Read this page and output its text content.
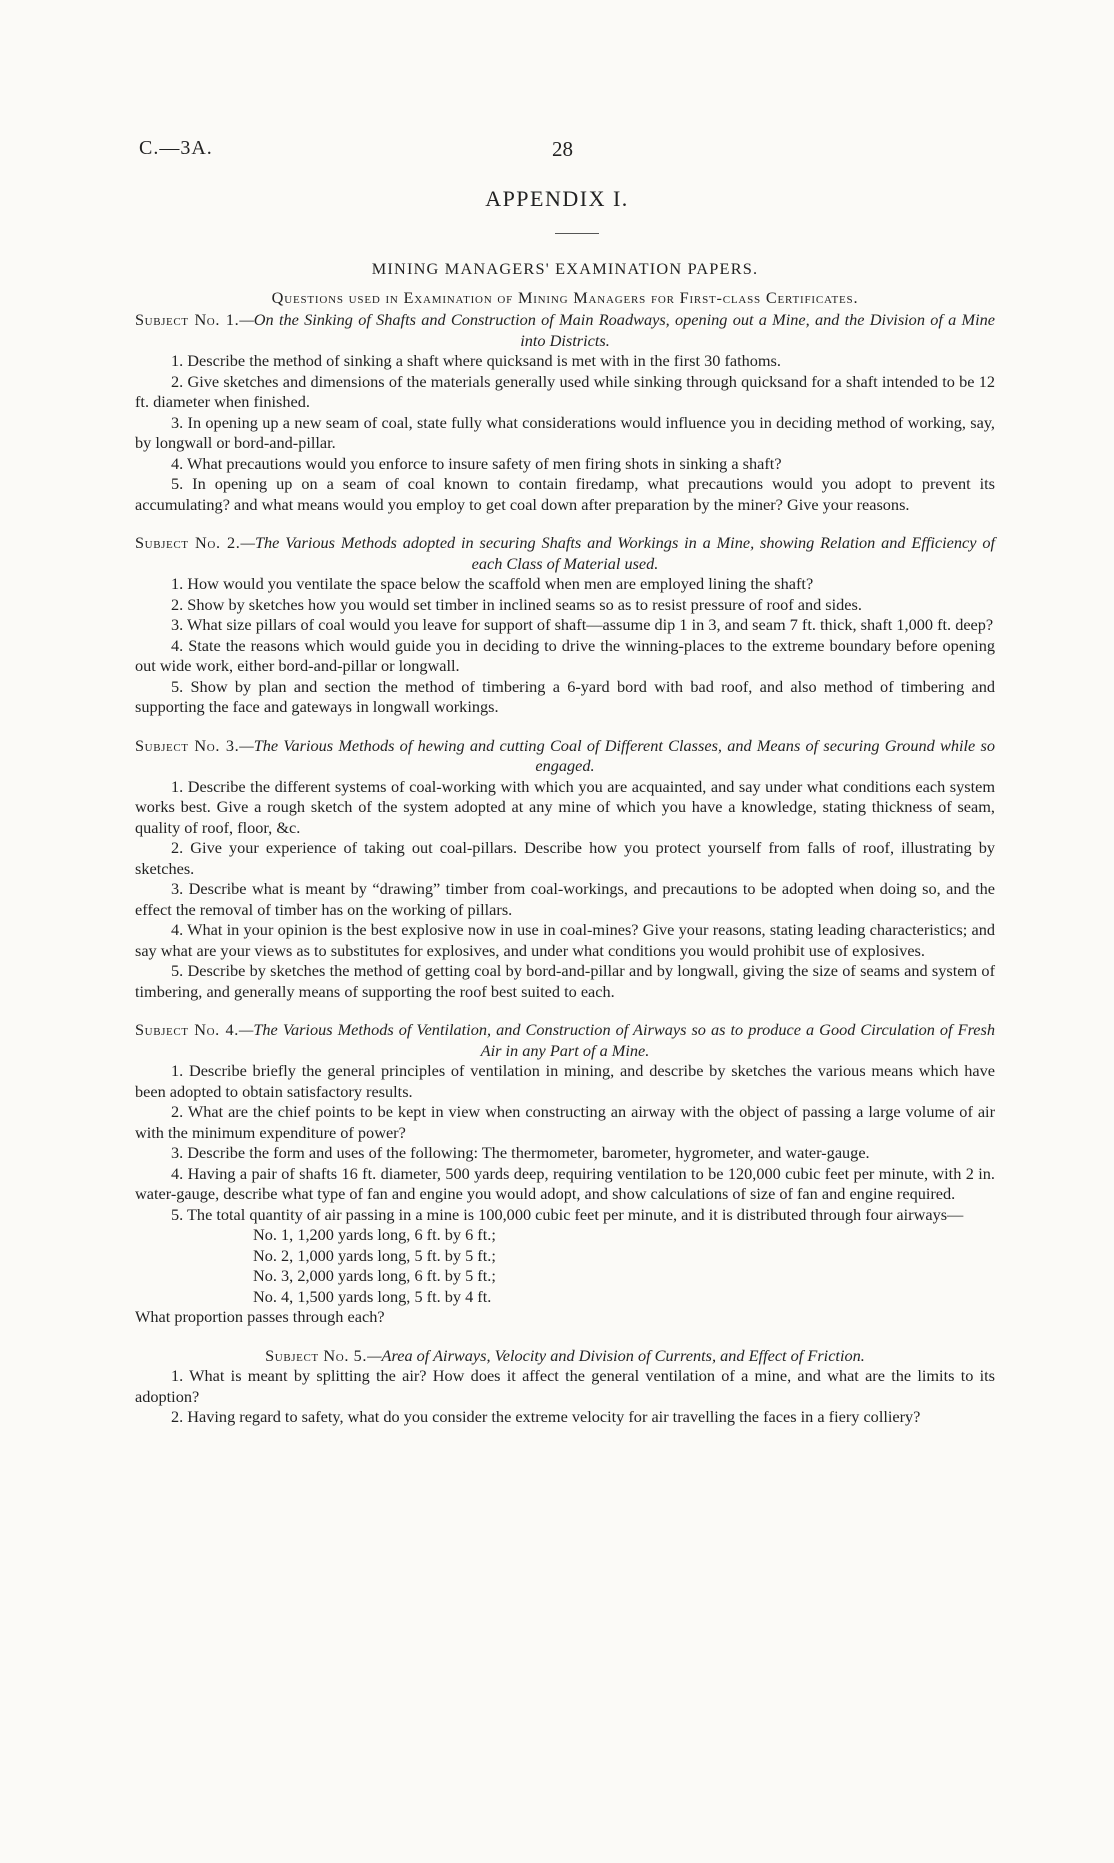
C.—3A.	28
APPENDIX I.
MINING MANAGERS' EXAMINATION PAPERS.
Questions used in Examination of Mining Managers for First-class Certificates.
Subject No. 1.—On the Sinking of Shafts and Construction of Main Roadways, opening out a Mine, and the Division of a Mine into Districts.

1. Describe the method of sinking a shaft where quicksand is met with in the first 30 fathoms.

2. Give sketches and dimensions of the materials generally used while sinking through quicksand for a shaft intended to be 12 ft. diameter when finished.

3. In opening up a new seam of coal, state fully what considerations would influence you in deciding method of working, say, by longwall or bord-and-pillar.

4. What precautions would you enforce to insure safety of men firing shots in sinking a shaft?

5. In opening up on a seam of coal known to contain firedamp, what precautions would you adopt to prevent its accumulating? and what means would you employ to get coal down after preparation by the miner? Give your reasons.

Subject No. 2.—The Various Methods adopted in securing Shafts and Workings in a Mine, showing Relation and Efficiency of each Class of Material used.

1. How would you ventilate the space below the scaffold when men are employed lining the shaft?

2. Show by sketches how you would set timber in inclined seams so as to resist pressure of roof and sides.

3. What size pillars of coal would you leave for support of shaft—assume dip 1 in 3, and seam 7 ft. thick, shaft 1,000 ft. deep?

4. State the reasons which would guide you in deciding to drive the winning-places to the extreme boundary before opening out wide work, either bord-and-pillar or longwall.

5. Show by plan and section the method of timbering a 6-yard bord with bad roof, and also method of timbering and supporting the face and gateways in longwall workings.

Subject No. 3.—The Various Methods of hewing and cutting Coal of Different Classes, and Means of securing Ground while so engaged.

1. Describe the different systems of coal-working with which you are acquainted, and say under what conditions each system works best. Give a rough sketch of the system adopted at any mine of which you have a knowledge, stating thickness of seam, quality of roof, floor, &c.

2. Give your experience of taking out coal-pillars. Describe how you protect yourself from falls of roof, illustrating by sketches.

3. Describe what is meant by “drawing” timber from coal-workings, and precautions to be adopted when doing so, and the effect the removal of timber has on the working of pillars.

4. What in your opinion is the best explosive now in use in coal-mines? Give your reasons, stating leading characteristics; and say what are your views as to substitutes for explosives, and under what conditions you would prohibit use of explosives.

5. Describe by sketches the method of getting coal by bord-and-pillar and by longwall, giving the size of seams and system of timbering, and generally means of supporting the roof best suited to each.

Subject No. 4.—The Various Methods of Ventilation, and Construction of Airways so as to produce a Good Circulation of Fresh Air in any Part of a Mine.

1. Describe briefly the general principles of ventilation in mining, and describe by sketches the various means which have been adopted to obtain satisfactory results.

2. What are the chief points to be kept in view when constructing an airway with the object of passing a large volume of air with the minimum expenditure of power?

3. Describe the form and uses of the following: The thermometer, barometer, hygrometer, and water-gauge.

4. Having a pair of shafts 16 ft. diameter, 500 yards deep, requiring ventilation to be 120,000 cubic feet per minute, with 2 in. water-gauge, describe what type of fan and engine you would adopt, and show calculations of size of fan and engine required.

5. The total quantity of air passing in a mine is 100,000 cubic feet per minute, and it is distributed through four airways—

No. 1, 1,200 yards long, 6 ft. by 6 ft.;

No. 2, 1,000 yards long, 5 ft. by 5 ft.;

No. 3, 2,000 yards long, 6 ft. by 5 ft.;

No. 4, 1,500 yards long, 5 ft. by 4 ft.

What proportion passes through each?

Subject No. 5.—Area of Airways, Velocity and Division of Currents, and Effect of Friction.

1. What is meant by splitting the air? How does it affect the general ventilation of a mine, and what are the limits to its adoption?

2. Having regard to safety, what do you consider the extreme velocity for air travelling the faces in a fiery colliery?
